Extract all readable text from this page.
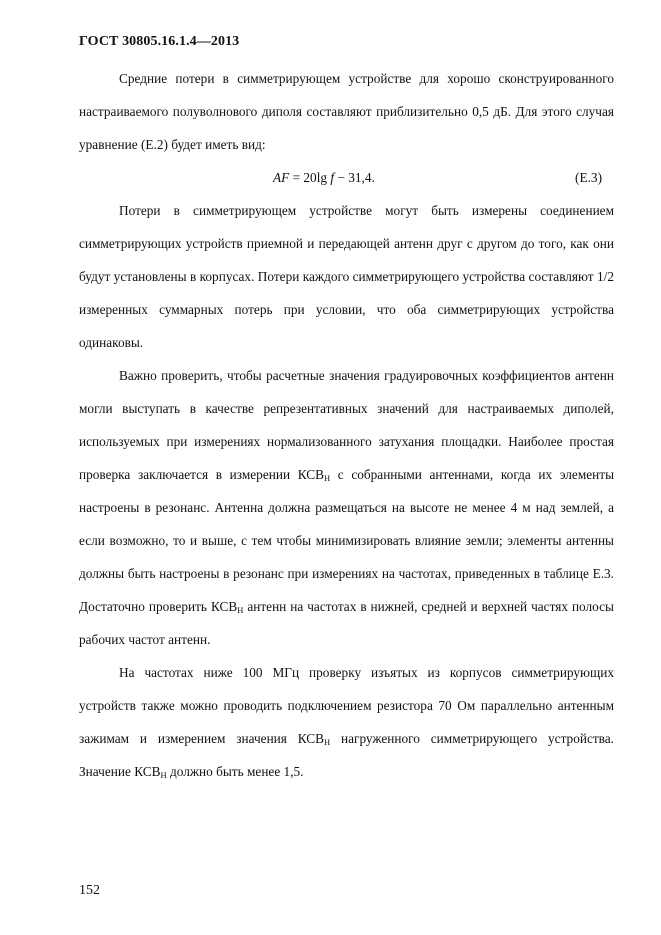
ГОСТ 30805.16.1.4—2013

Средние потери в симметрирующем устройстве для хорошо сконструированного настраиваемого полуволнового диполя составляют приблизительно 0,5 дБ. Для этого случая уравнение (Е.2) будет иметь вид:

AF = 20lg f − 31,4.	(Е.3)

Потери в симметрирующем устройстве могут быть измерены соединением симметрирующих устройств приемной и передающей антенн друг с другом до того, как они будут установлены в корпусах. Потери каждого симметрирующего устройства составляют 1/2 измеренных суммарных потерь при условии, что оба симметрирующих устройства одинаковы.

Важно проверить, чтобы расчетные значения градуировочных коэффициентов антенн могли выступать в качестве репрезентативных значений для настраиваемых диполей, используемых при измерениях нормализованного затухания площадки. Наиболее простая проверка заключается в измерении $КСВ_Н$ с собранными антеннами, когда их элементы настроены в резонанс. Антенна должна размещаться на высоте не менее 4 м над землей, а если возможно, то и выше, с тем чтобы минимизировать влияние земли; элементы антенны должны быть настроены в резонанс при измерениях на частотах, приведенных в таблице Е.3. Достаточно проверить $КСВ_Н$ антенн на частотах в нижней, средней и верхней частях полосы рабочих частот антенн.

На частотах ниже 100 МГц проверку изъятых из корпусов симметрирующих устройств также можно проводить подключением резистора 70 Ом параллельно антенным зажимам и измерением значения $КСВ_Н$ нагруженного симметрирующего устройства. Значение $КСВ_Н$ должно быть менее 1,5.

152
